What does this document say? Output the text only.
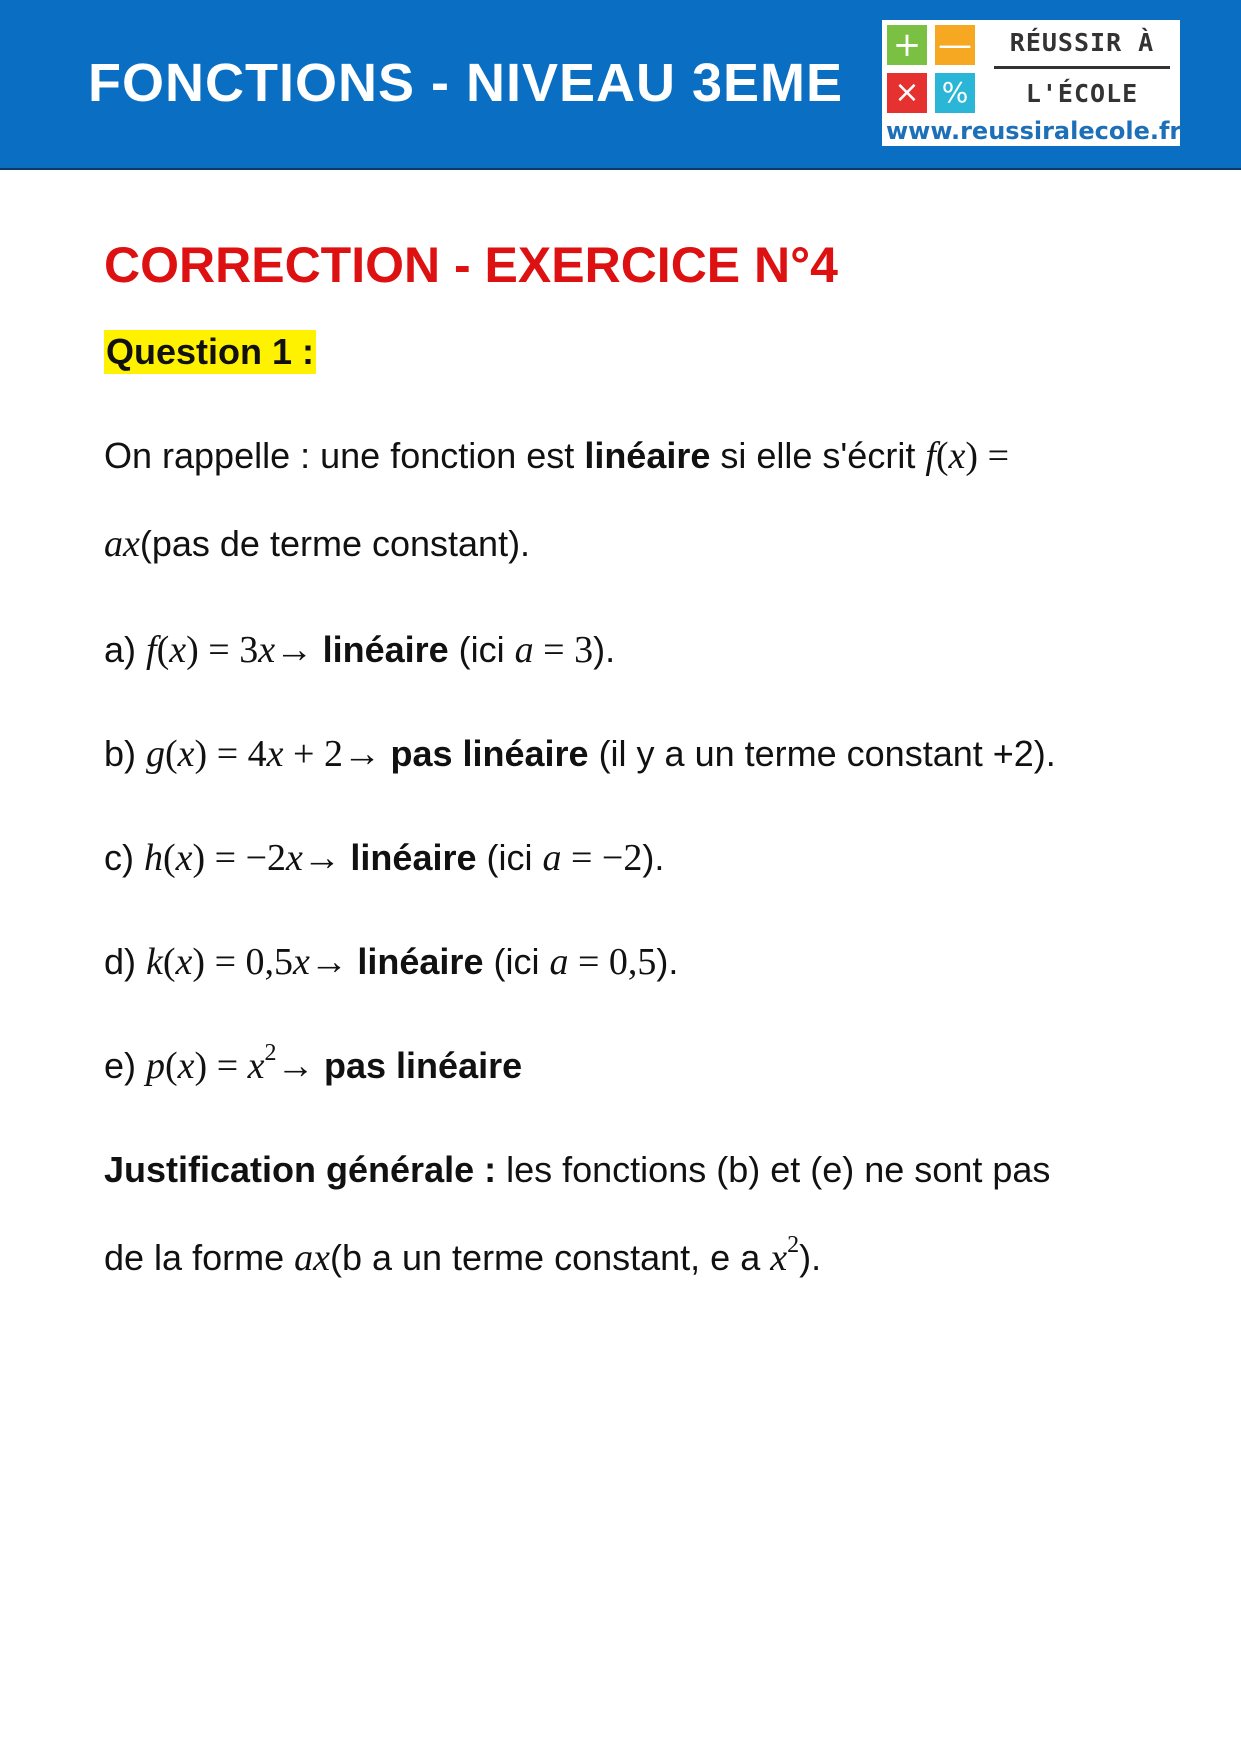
FONCTIONS - NIVEAU 3EME
+ —
× %
RÉUSSIR À
L'ÉCOLE
www.reussiralecole.fr
CORRECTION - EXERCICE N°4
Question 1 :
On rappelle : une fonction est linéaire si elle s'écrit f(x) =
ax(pas de terme constant).
a) f(x) = 3x→ linéaire (ici a = 3).
b) g(x) = 4x + 2→ pas linéaire (il y a un terme constant +2).
c) h(x) = −2x→ linéaire (ici a = −2).
d) k(x) = 0,5x→ linéaire (ici a = 0,5).
e) $p(x) = x^2\to$ pas linéaire
Justification générale : les fonctions (b) et (e) ne sont pas
de la forme ax(b a un terme constant, e a $x^2$).
